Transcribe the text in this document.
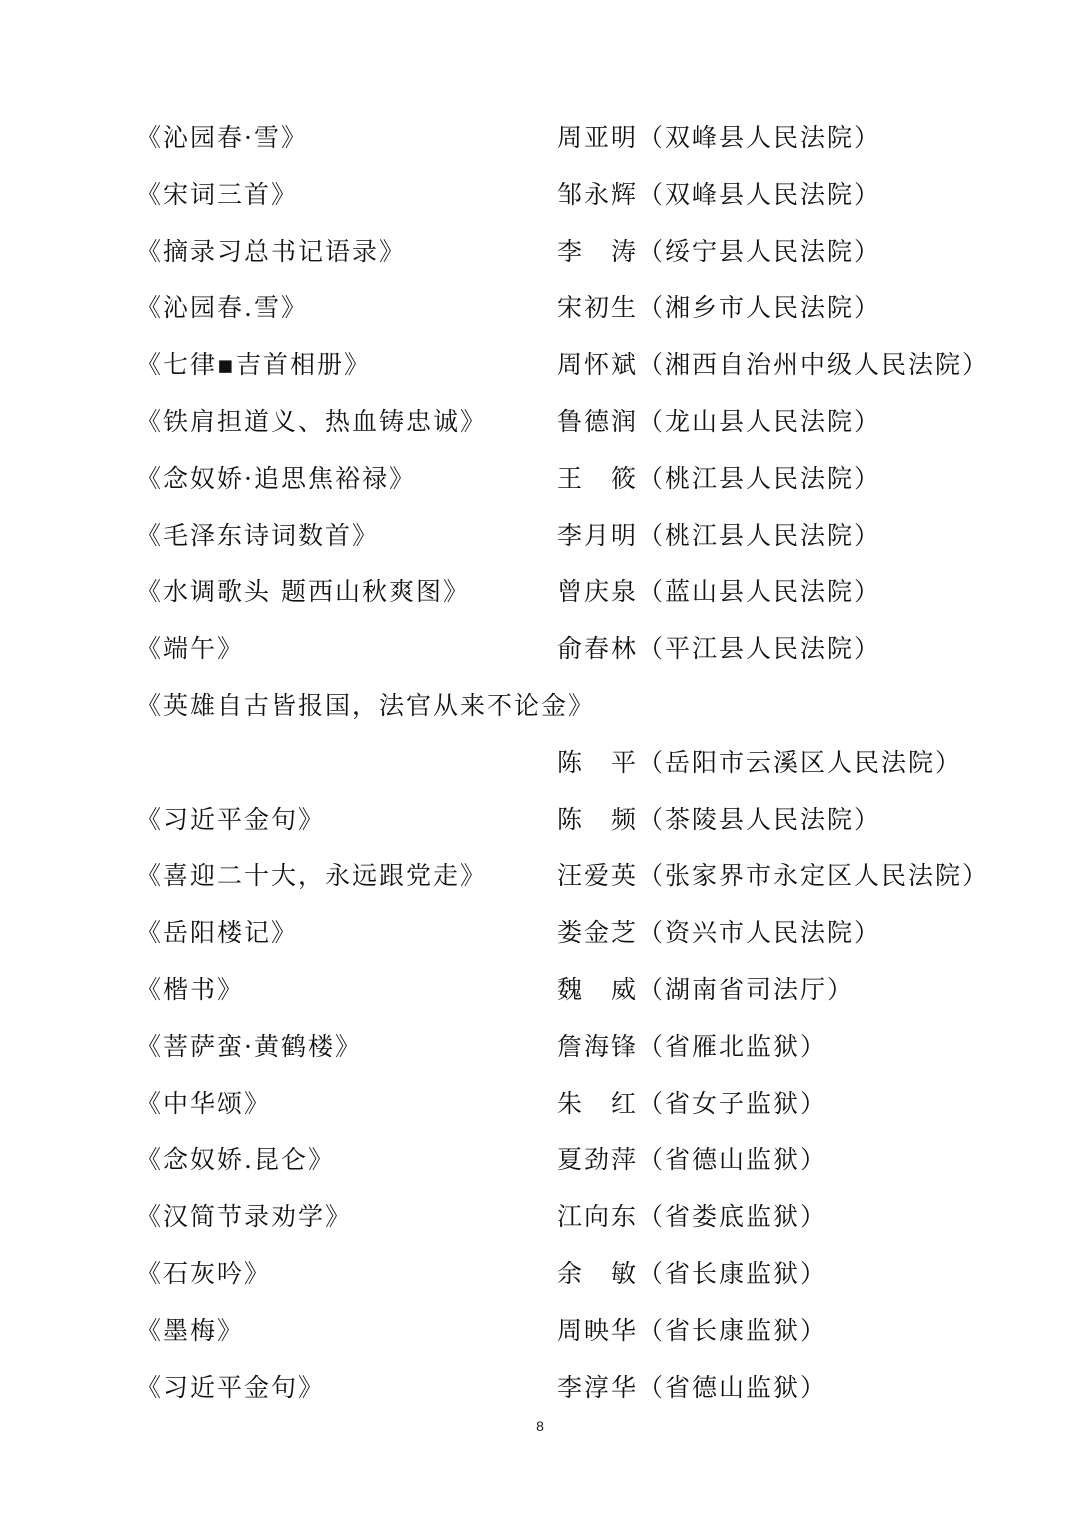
《沁园春·雪》	周亚明（双峰县人民法院）
《宋词三首》	邹永辉（双峰县人民法院）
《摘录习总书记语录》	李　涛（绥宁县人民法院）
《沁园春.雪》	宋初生（湘乡市人民法院）
《七律▪吉首相册》	周怀斌（湘西自治州中级人民法院）
《铁肩担道义、热血铸忠诚》	鲁德润（龙山县人民法院）
《念奴娇·追思焦裕禄》	王　筱（桃江县人民法院）
《毛泽东诗词数首》	李月明（桃江县人民法院）
《水调歌头 题西山秋爽图》	曾庆泉（蓝山县人民法院）
《端午》	俞春林（平江县人民法院）
《英雄自古皆报国，法官从来不论金》
陈　平（岳阳市云溪区人民法院）
《习近平金句》	陈　频（茶陵县人民法院）
《喜迎二十大，永远跟党走》	汪爱英（张家界市永定区人民法院）
《岳阳楼记》	娄金芝（资兴市人民法院）
《楷书》	魏　威（湖南省司法厅）
《菩萨蛮·黄鹤楼》	詹海锋（省雁北监狱）
《中华颂》	朱　红（省女子监狱）
《念奴娇.昆仑》	夏劲萍（省德山监狱）
《汉简节录劝学》	江向东（省娄底监狱）
《石灰吟》	余　敏（省长康监狱）
《墨梅》	周映华（省长康监狱）
《习近平金句》	李淳华（省德山监狱）
8
